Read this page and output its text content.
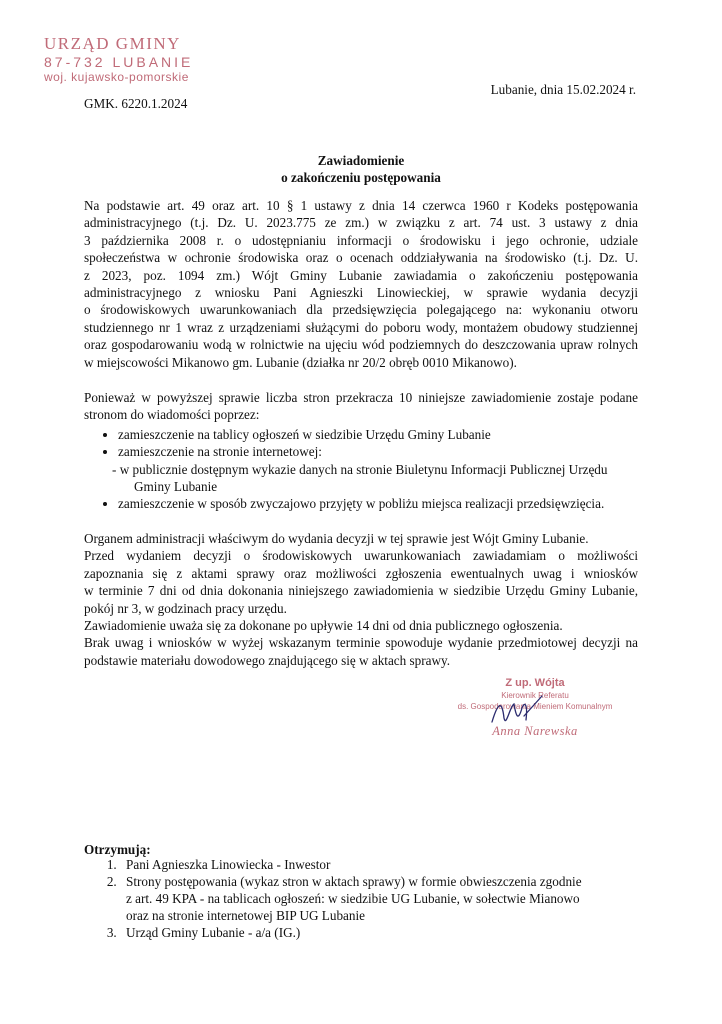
URZĄD GMINY
87-732 LUBANIE
woj. kujawsko-pomorskie
Lubanie, dnia 15.02.2024 r.
GMK. 6220.1.2024
Zawiadomienie
o zakończeniu postępowania
Na podstawie art. 49 oraz art. 10 § 1 ustawy z dnia 14 czerwca 1960 r Kodeks postępowania
administracyjnego (t.j. Dz. U. 2023.775 ze zm.) w związku z art. 74 ust. 3 ustawy z dnia
3 października 2008 r. o udostępnianiu informacji o środowisku i jego ochronie, udziale
społeczeństwa w ochronie środowiska oraz o ocenach oddziaływania na środowisko (t.j. Dz. U.
z 2023, poz. 1094 zm.) Wójt Gminy Lubanie zawiadamia o zakończeniu postępowania
administracyjnego z wniosku Pani Agnieszki Linowieckiej, w sprawie wydania decyzji
o środowiskowych uwarunkowaniach dla przedsięwzięcia polegającego na: wykonaniu otworu
studziennego nr 1 wraz z urządzeniami służącymi do poboru wody, montażem obudowy studziennej
oraz gospodarowaniu wodą w rolnictwie na ujęciu wód podziemnych do deszczowania upraw rolnych
w miejscowości Mikanowo gm. Lubanie (działka nr 20/2 obręb 0010 Mikanowo).
Ponieważ w powyższej sprawie liczba stron przekracza 10 niniejsze zawiadomienie zostaje podane
stronom do wiadomości poprzez:
• zamieszczenie na tablicy ogłoszeń w siedzibie Urzędu Gminy Lubanie
• zamieszczenie na stronie internetowej:
- w publicznie dostępnym wykazie danych na stronie Biuletynu Informacji Publicznej Urzędu
Gminy Lubanie
• zamieszczenie w sposób zwyczajowo przyjęty w pobliżu miejsca realizacji przedsięwzięcia.
Organem administracji właściwym do wydania decyzji w tej sprawie jest Wójt Gminy Lubanie.
Przed wydaniem decyzji o środowiskowych uwarunkowaniach zawiadamiam o możliwości
zapoznania się z aktami sprawy oraz możliwości zgłoszenia ewentualnych uwag i wniosków
w terminie 7 dni od dnia dokonania niniejszego zawiadomienia w siedzibie Urzędu Gminy Lubanie,
pokój nr 3, w godzinach pracy urzędu.
Zawiadomienie uważa się za dokonane po upływie 14 dni od dnia publicznego ogłoszenia.
Brak uwag i wniosków w wyżej wskazanym terminie spowoduje wydanie przedmiotowej decyzji na
podstawie materiału dowodowego znajdującego się w aktach sprawy.
Z up. Wójta
Kierownik Referatu
ds. Gospodarowania Mieniem Komunalnym
Anna Narewska
Otrzymują:
1. Pani Agnieszka Linowiecka - Inwestor
2. Strony postępowania (wykaz stron w aktach sprawy) w formie obwieszczenia zgodnie
z art. 49 KPA - na tablicach ogłoszeń: w siedzibie UG Lubanie, w sołectwie Mianowo
oraz na stronie internetowej BIP UG Lubanie
3. Urząd Gminy Lubanie - a/a (IG.)
